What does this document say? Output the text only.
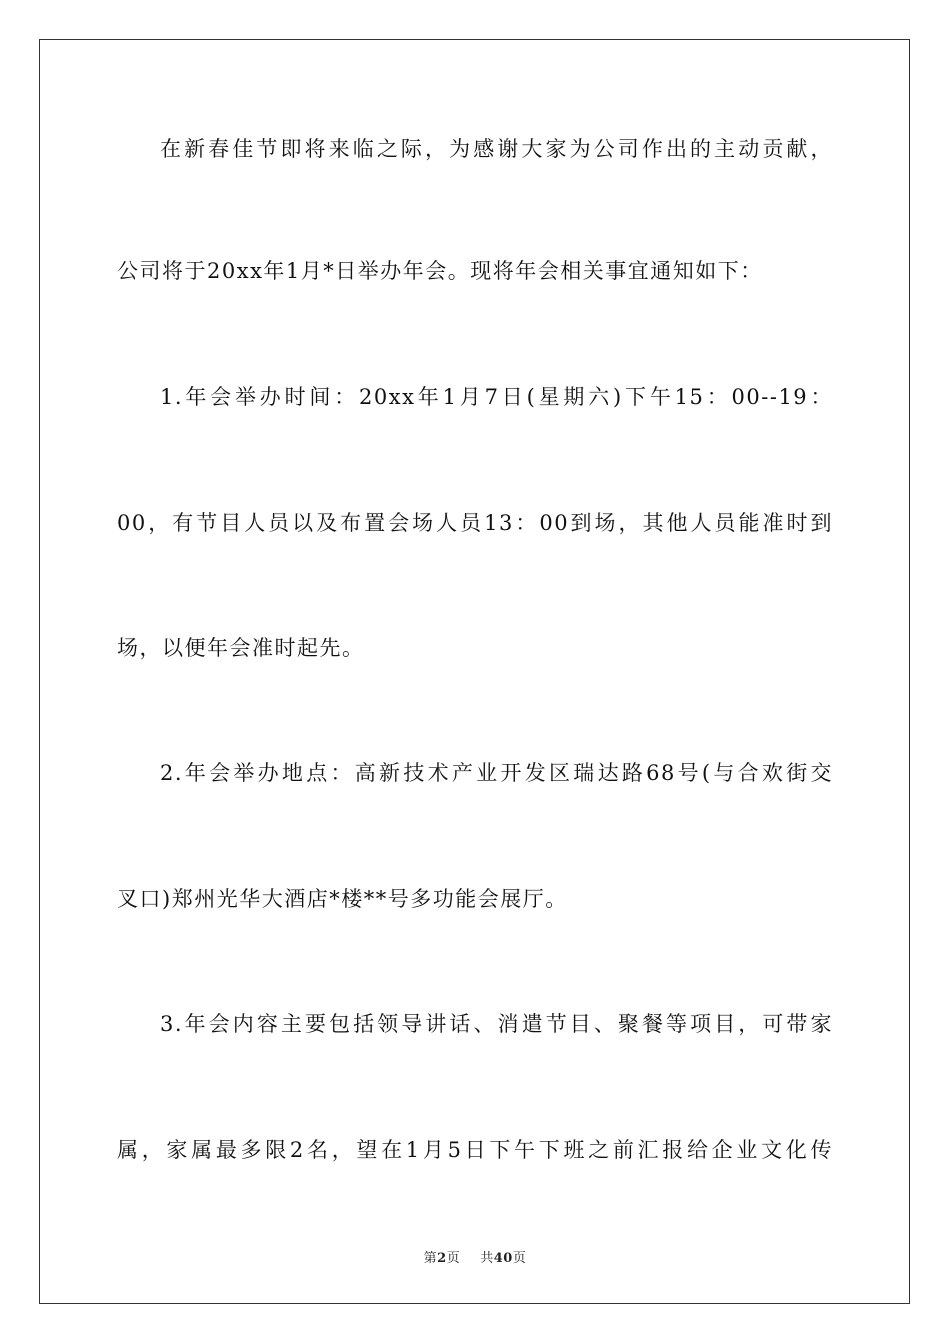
在新春佳节即将来临之际，为感谢大家为公司作出的主动贡献，
公司将于20xx年1月*日举办年会。现将年会相关事宜通知如下：
1.年会举办时间：20xx年1月7日(星期六)下午15：00--19：
00，有节目人员以及布置会场人员13：00到场，其他人员能准时到
场，以便年会准时起先。
2.年会举办地点：高新技术产业开发区瑞达路68号(与合欢街交
叉口)郑州光华大酒店*楼**号多功能会展厅。
3.年会内容主要包括领导讲话、消遣节目、聚餐等项目，可带家
属，家属最多限2名，望在1月5日下午下班之前汇报给企业文化传
第2页 共40页
